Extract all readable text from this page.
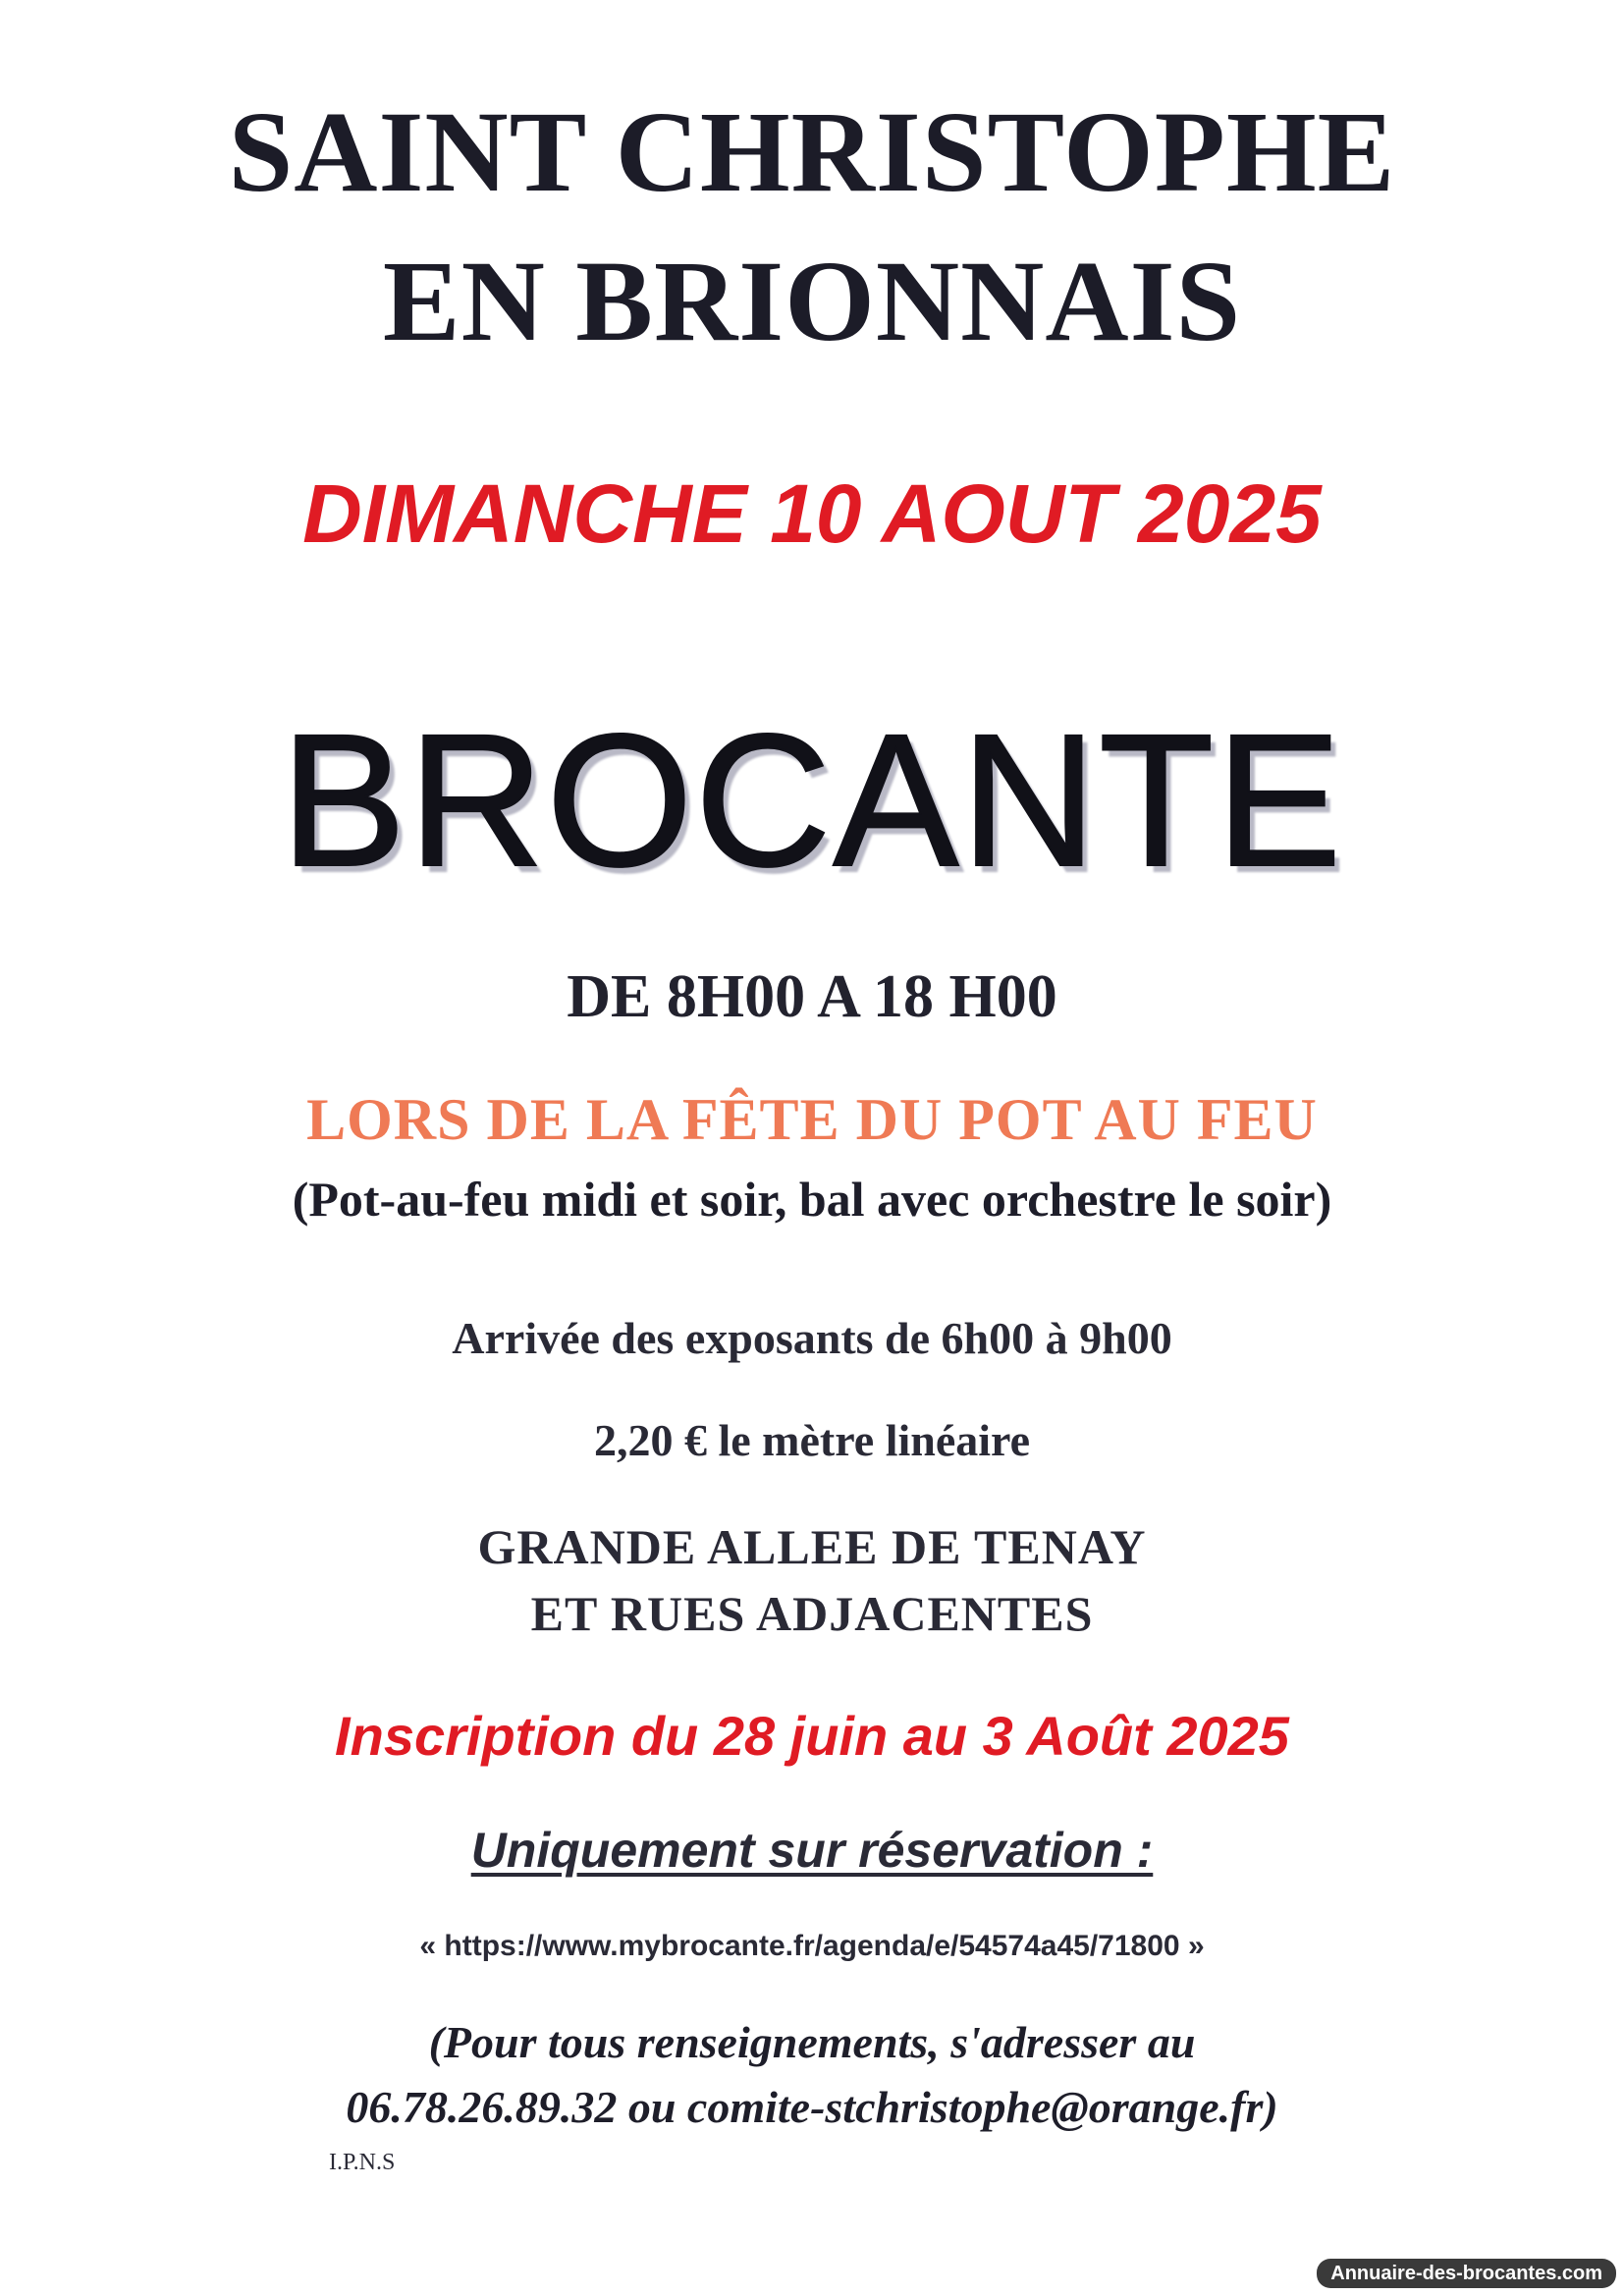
SAINT CHRISTOPHE
EN BRIONNAIS

DIMANCHE 10 AOUT 2025

BROCANTE

DE 8H00 A 18 H00

LORS DE LA FÊTE DU POT AU FEU

(Pot-au-feu midi et soir, bal avec orchestre le soir)

Arrivée des exposants de 6h00 à 9h00

2,20 € le mètre linéaire

GRANDE ALLEE DE TENAY

ET RUES ADJACENTES

Inscription du 28 juin au 3 Août 2025

Uniquement sur réservation :

« https://www.mybrocante.fr/agenda/e/54574a45/71800 »

(Pour tous renseignements, s'adresser au

06.78.26.89.32 ou comite-stchristophe@orange.fr)

I.P.N.S

Annuaire-des-brocantes.com
